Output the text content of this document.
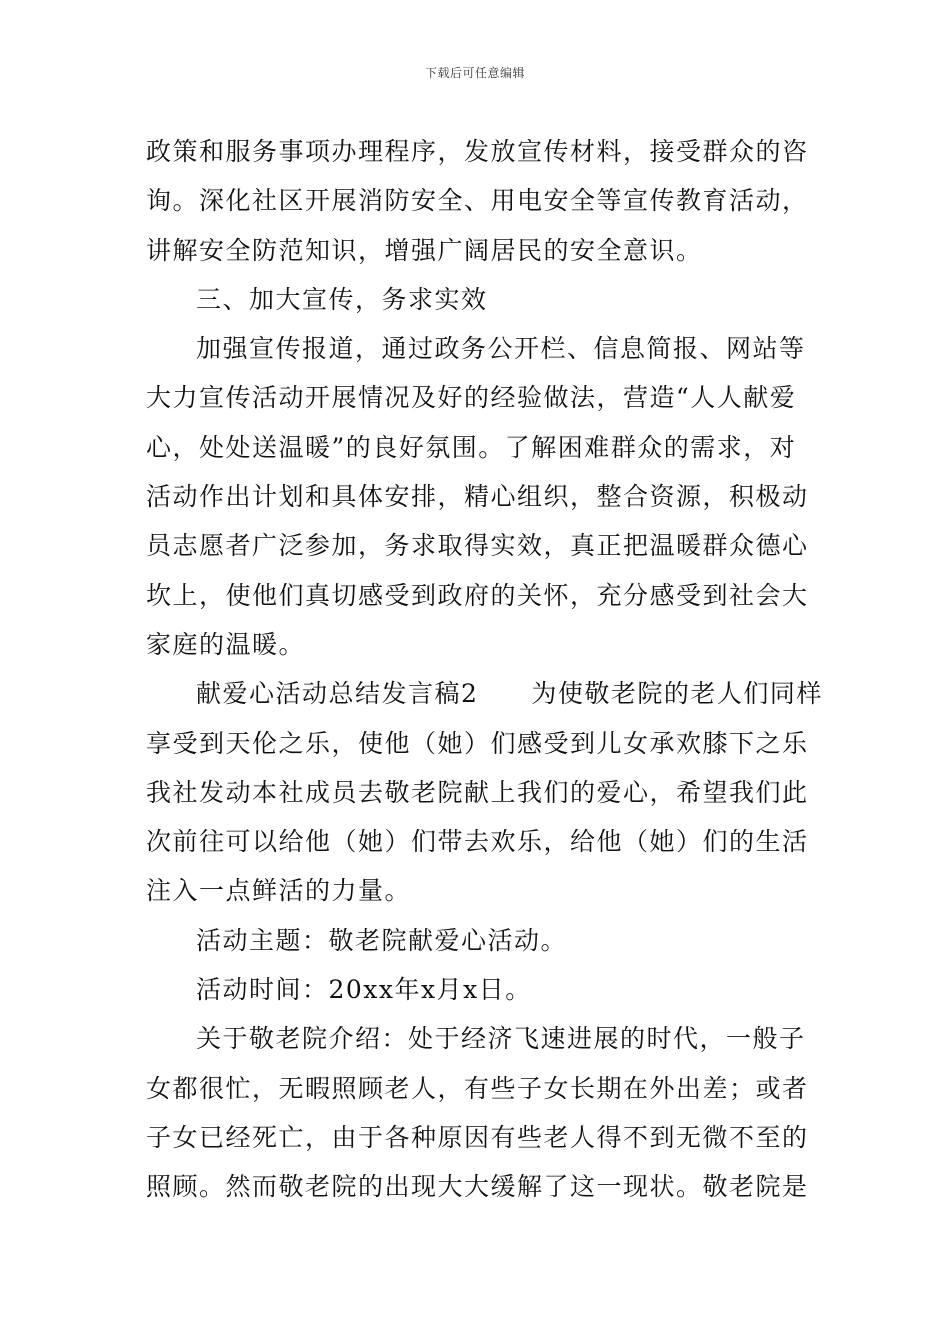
下载后可任意编辑
政策和服务事项办理程序，发放宣传材料，接受群众的咨
询。深化社区开展消防安全、用电安全等宣传教育活动，
讲解安全防范知识，增强广阔居民的安全意识。
三、加大宣传，务求实效
加强宣传报道，通过政务公开栏、信息简报、网站等
大力宣传活动开展情况及好的经验做法，营造“人人献爱
心，处处送温暖”的良好氛围。了解困难群众的需求，对
活动作出计划和具体安排，精心组织，整合资源，积极动
员志愿者广泛参加，务求取得实效，真正把温暖群众德心
坎上，使他们真切感受到政府的关怀，充分感受到社会大
家庭的温暖。
献爱心活动总结发言稿2　　为使敬老院的老人们同样
享受到天伦之乐，使他（她）们感受到儿女承欢膝下之乐
我社发动本社成员去敬老院献上我们的爱心，希望我们此
次前往可以给他（她）们带去欢乐，给他（她）们的生活
注入一点鲜活的力量。
活动主题：敬老院献爱心活动。
活动时间：20xx年x月x日。
关于敬老院介绍：处于经济飞速进展的时代，一般子
女都很忙，无暇照顾老人，有些子女长期在外出差；或者
子女已经死亡，由于各种原因有些老人得不到无微不至的
照顾。然而敬老院的出现大大缓解了这一现状。敬老院是
